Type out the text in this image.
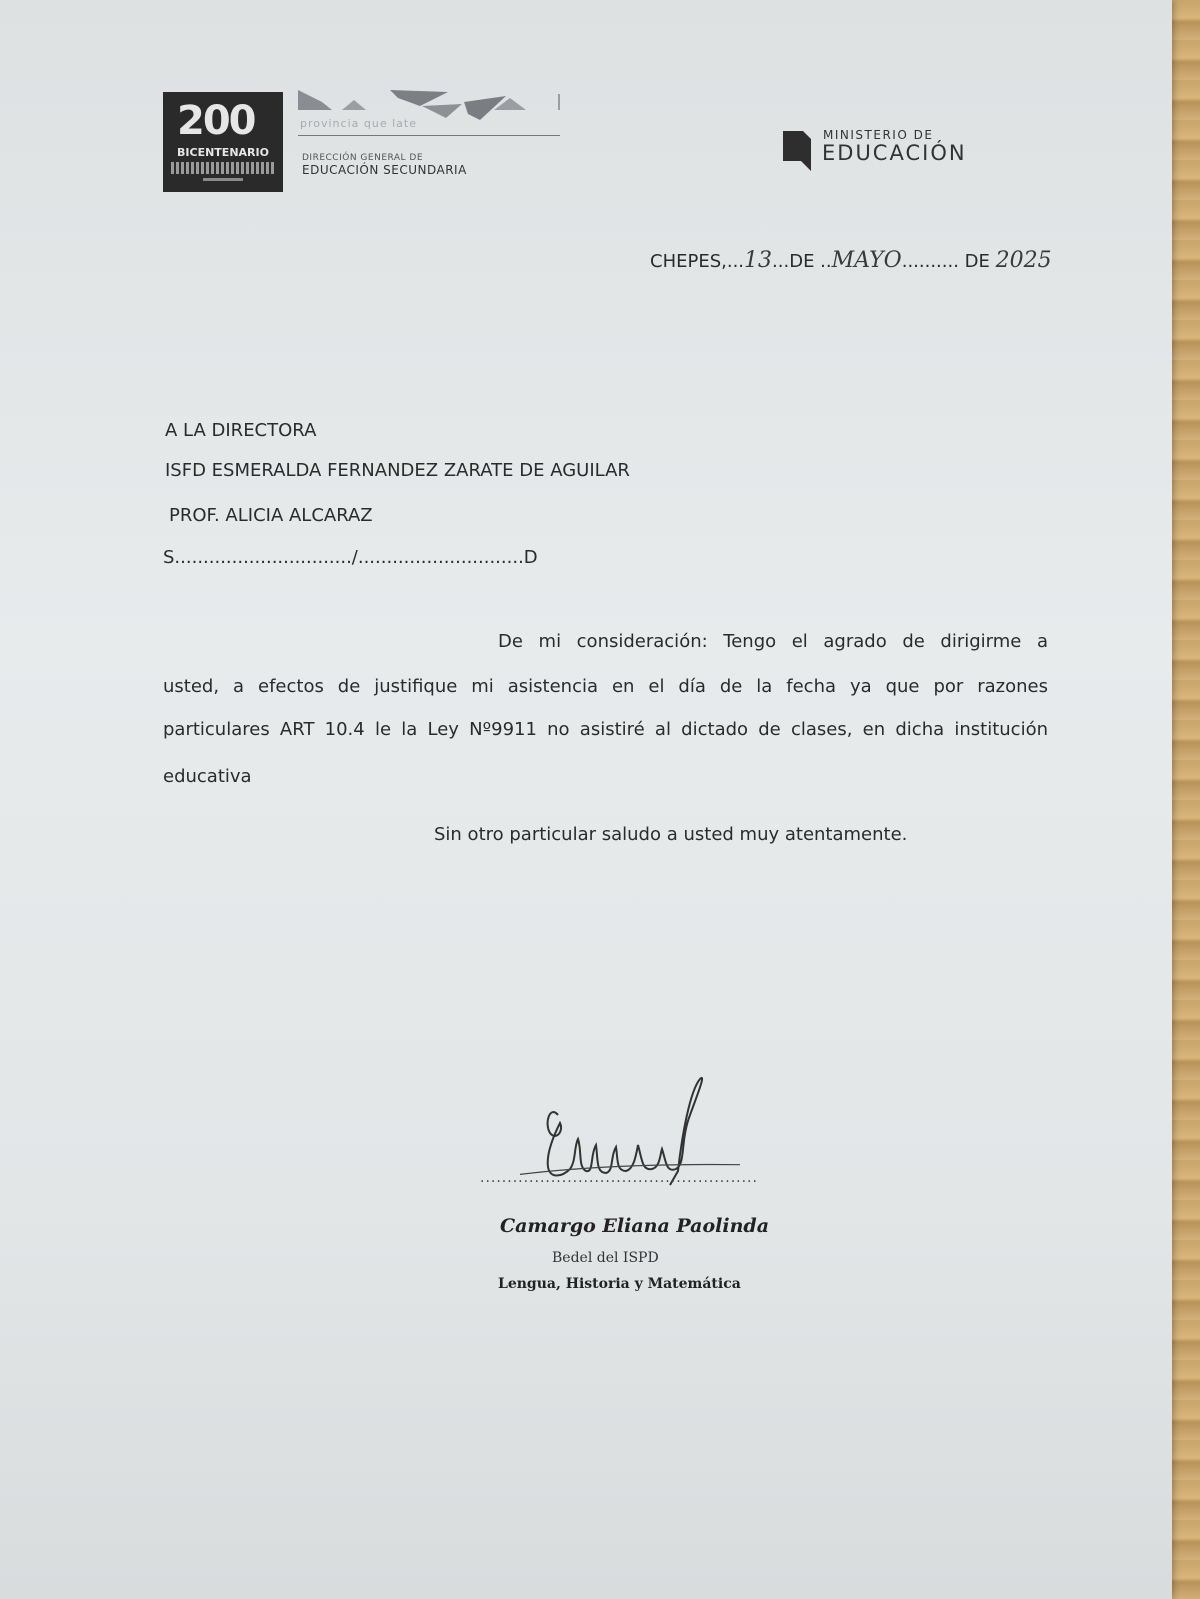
200
BICENTENARIO
provincia que late
DIRECCIÓN GENERAL DE
EDUCACIÓN SECUNDARIA
MINISTERIO DE
EDUCACIÓN
CHEPES,...13...DE ..MAYO.......... DE 2025
A LA DIRECTORA
ISFD ESMERALDA FERNANDEZ ZARATE DE AGUILAR
PROF. ALICIA ALCARAZ
S.............................../.............................D
De mi consideración: Tengo el agrado de dirigirme a
usted, a efectos de justifique mi asistencia en el día de la fecha ya que por razones
particulares ART 10.4 le la Ley Nº9911 no asistiré al dictado de clases, en dicha institución
educativa
Sin otro particular saludo a usted muy atentamente.
...................................................
Camargo Eliana Paolinda
Bedel del ISPD
Lengua, Historia y Matemática
